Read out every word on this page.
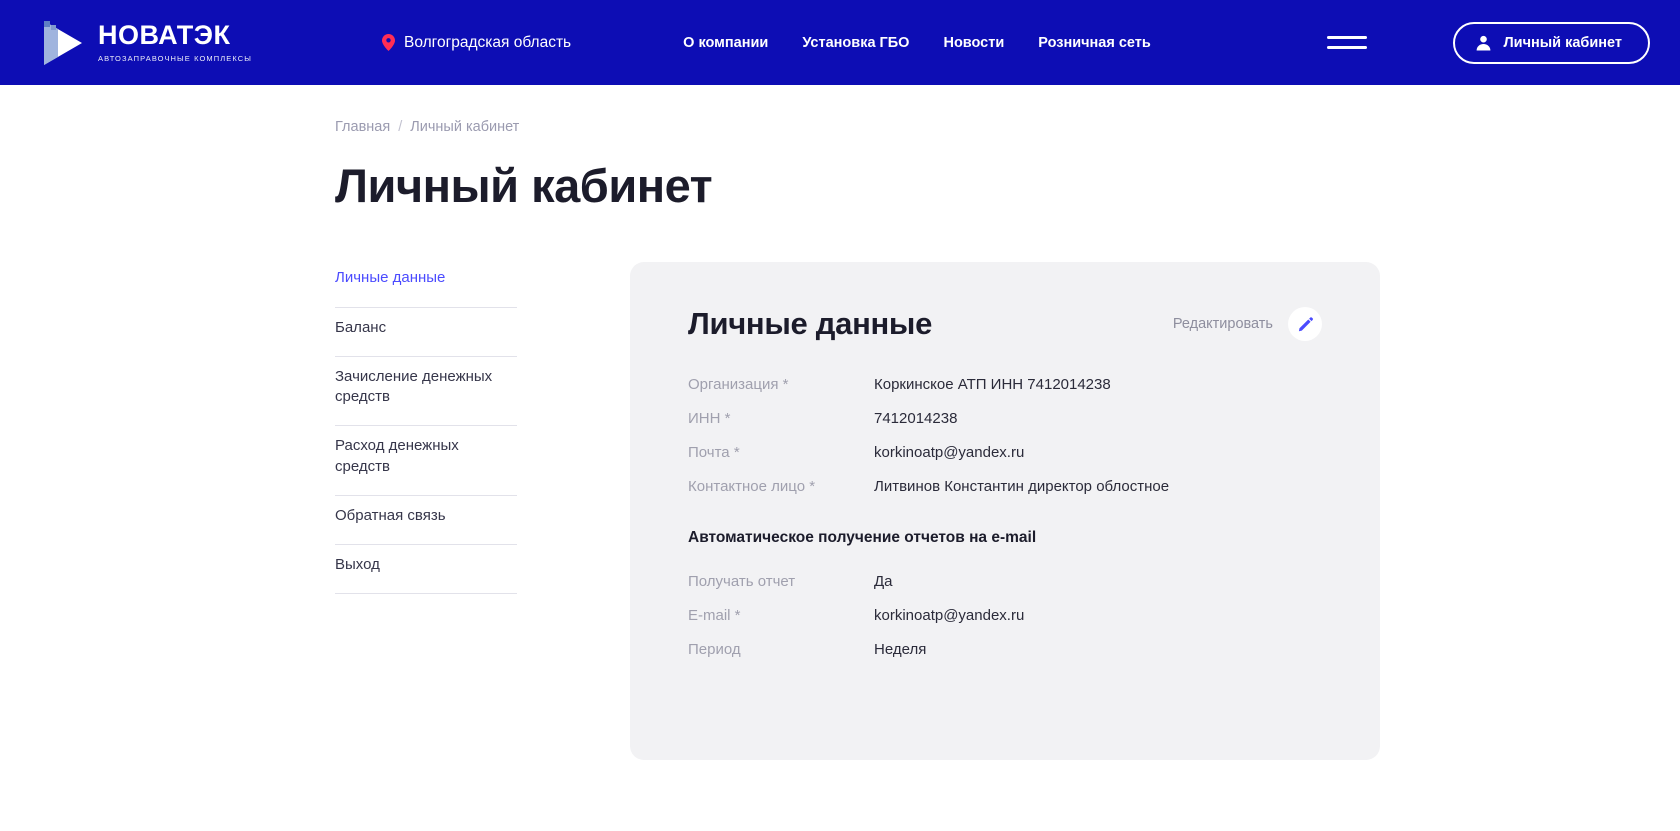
НОВАТЭК
АВТОЗАПРАВОЧНЫЕ КОМПЛЕКСЫ
Волгоградская область	О компании Установка ГБО Новости Розничная сеть	Личный кабинет
Главная / Личный кабинет
Личный кабинет
Личные данные
Баланс
Зачисление денежных средств
Расход денежных средств
Обратная связь
Выход
Личные данные	Редактировать
Организация *	Коркинское АТП ИНН 7412014238
ИНН *	7412014238
Почта *	korkinoatp@yandex.ru
Контактное лицо *	Литвинов Константин директор облостное
Автоматическое получение отчетов на e-mail
Получать отчет	Да
E-mail *	korkinoatp@yandex.ru
Период	Неделя
